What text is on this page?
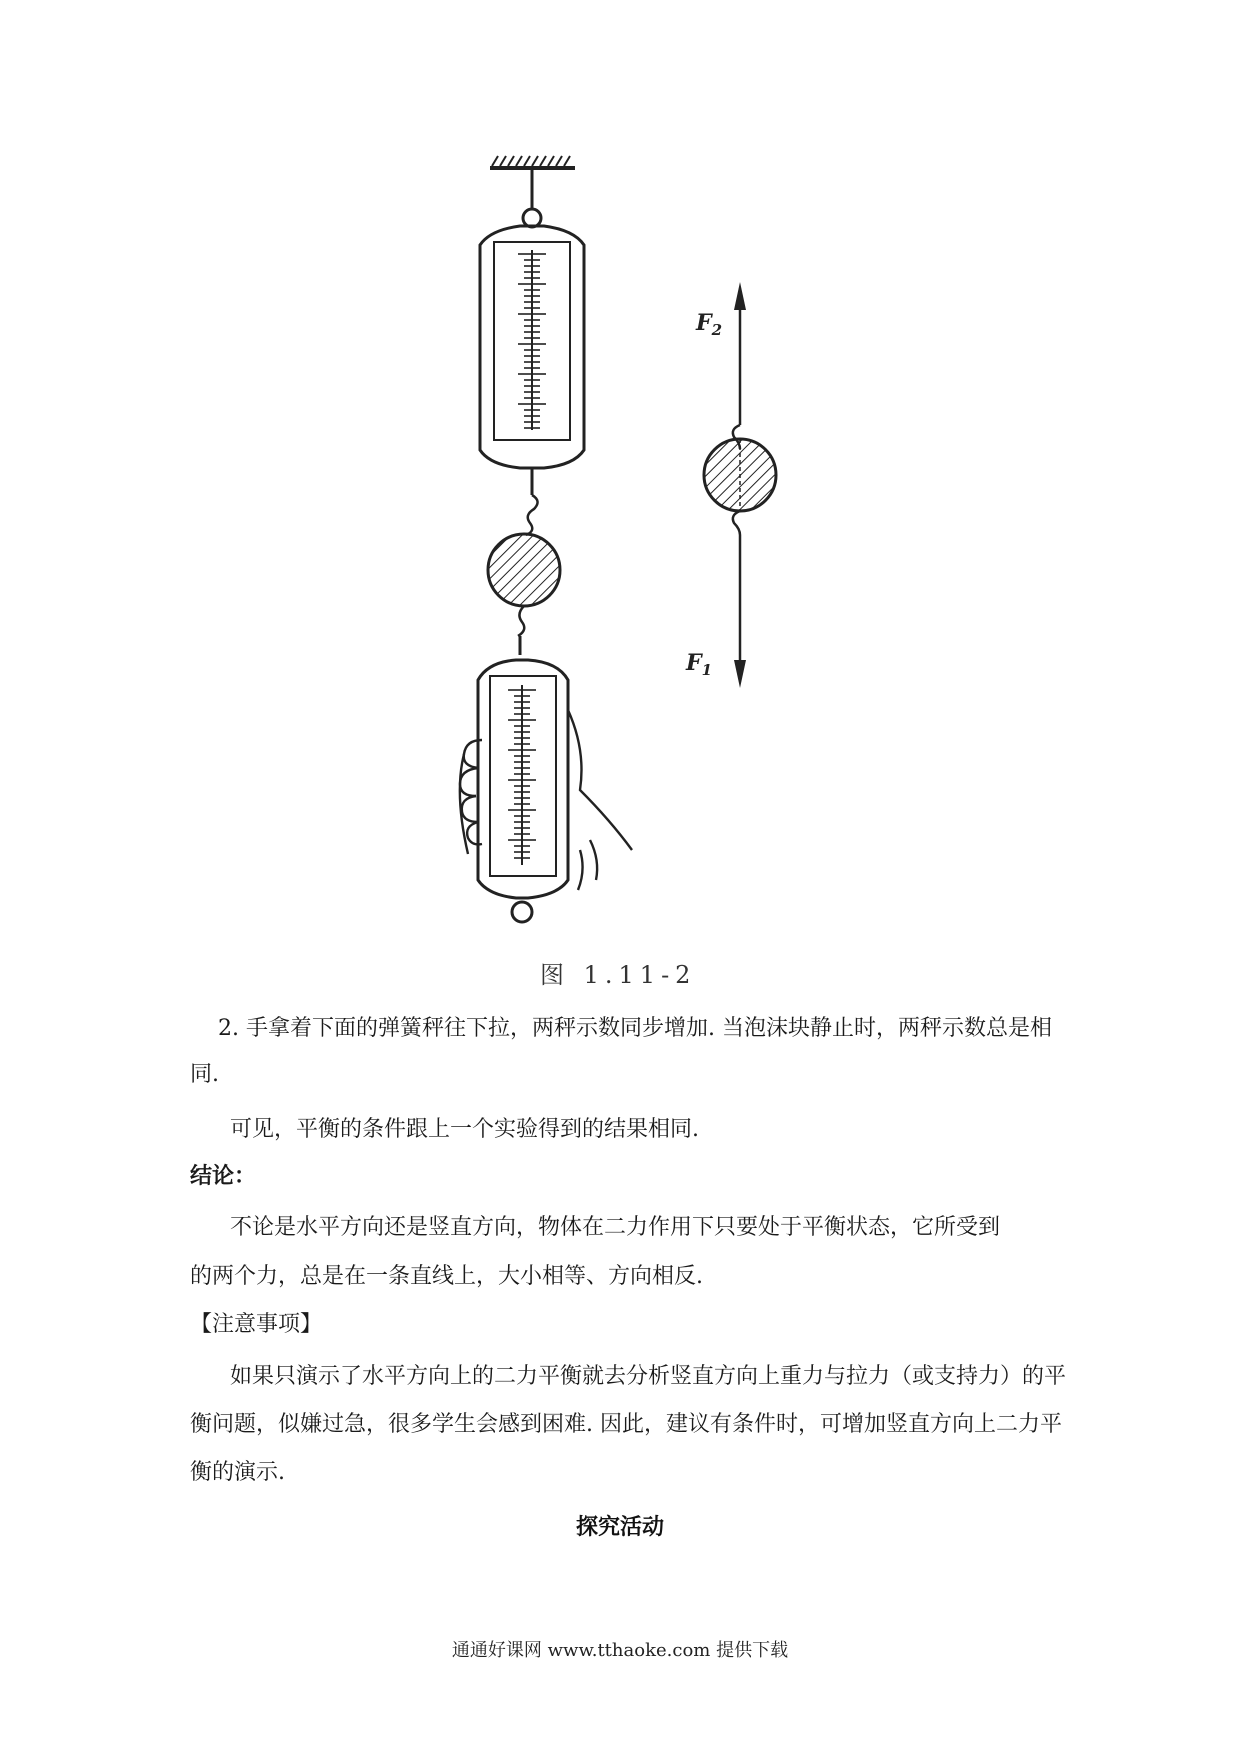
$F_2$
$F_1$
图 1.11-2
2. 手拿着下面的弹簧秤往下拉，两秤示数同步增加. 当泡沫块静止时，两秤示数总是相
同.
可见，平衡的条件跟上一个实验得到的结果相同.
结论：
不论是水平方向还是竖直方向，物体在二力作用下只要处于平衡状态，它所受到
的两个力，总是在一条直线上，大小相等、方向相反.
【注意事项】
如果只演示了水平方向上的二力平衡就去分析竖直方向上重力与拉力（或支持力）的平
衡问题，似嫌过急，很多学生会感到困难. 因此，建议有条件时，可增加竖直方向上二力平
衡的演示.
探究活动
通通好课网 www.tthaoke.com 提供下载
